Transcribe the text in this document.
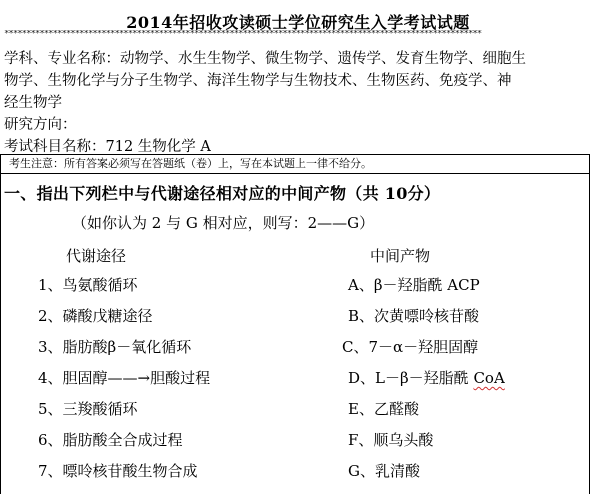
2014年招收攻读硕士学位研究生入学考试试题
************************************************************************************************************
学科、专业名称：动物学、水生生物学、微生物学、遗传学、发育生物学、细胞生
物学、生物化学与分子生物学、海洋生物学与生物技术、生物医药、免疫学、神
经生物学
研究方向：
考试科目名称：712 生物化学 A
考生注意：所有答案必须写在答题纸（卷）上，写在本试题上一律不给分。
一、指出下列栏中与代谢途径相对应的中间产物（共 10分）
（如你认为 2 与 G 相对应，则写：2——G）
代谢途径	中间产物
1、鸟氨酸循环	A、β－羟脂酰 ACP
2、磷酸戊糖途径	B、次黄嘌呤核苷酸
3、脂肪酸β－氧化循环	C、7－α－羟胆固醇
4、胆固醇——→胆酸过程	D、L－β－羟脂酰 CoA
5、三羧酸循环	E、乙醛酸
6、脂肪酸全合成过程	F、顺乌头酸
7、嘌呤核苷酸生物合成	G、乳清酸
